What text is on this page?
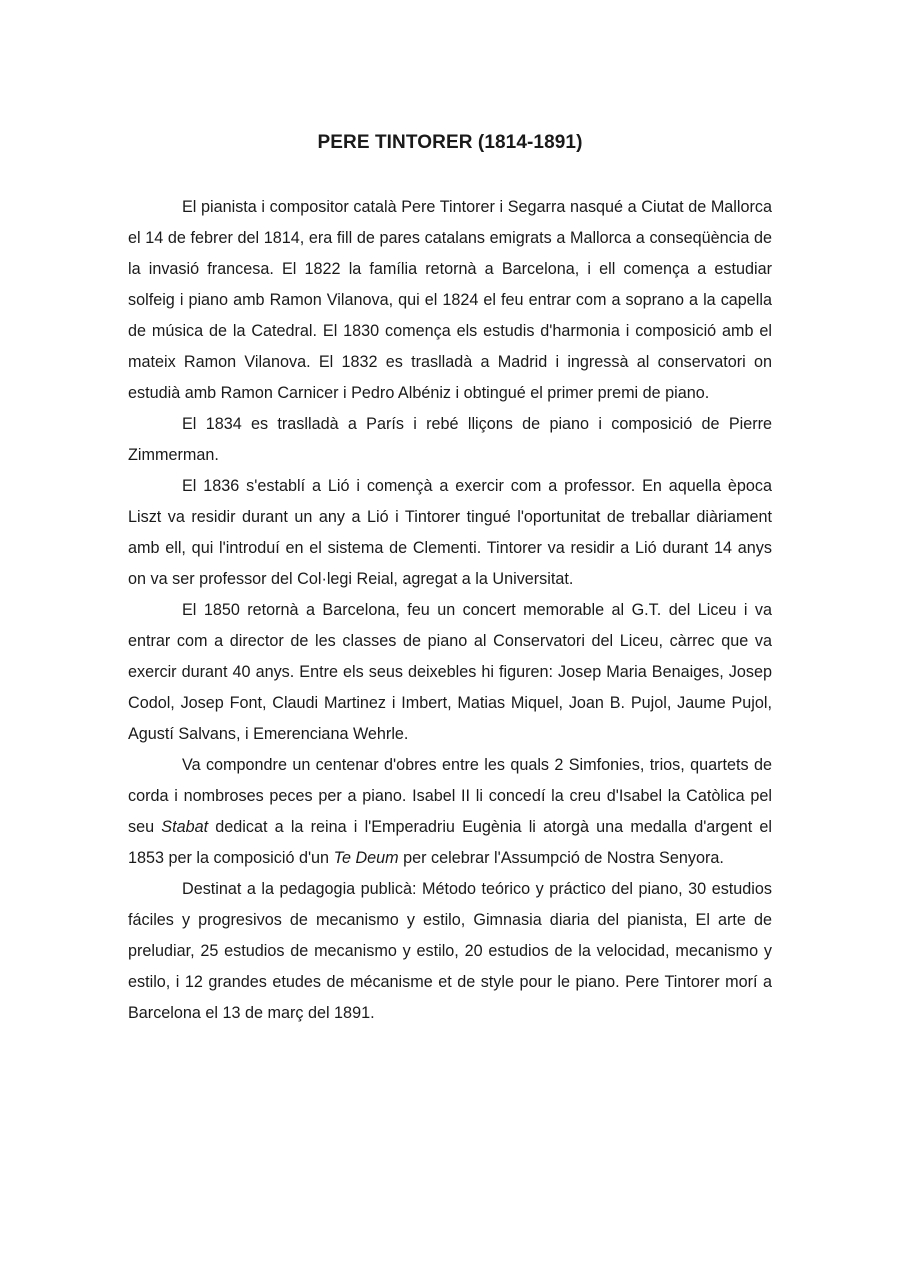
PERE TINTORER (1814-1891)

El pianista i compositor català Pere Tintorer i Segarra nasqué a Ciutat de Mallorca el 14 de febrer del 1814, era fill de pares catalans emigrats a Mallorca a conseqüència de la invasió francesa. El 1822 la família retornà a Barcelona, i ell començа a estudiar solfeig i piano amb Ramon Vilanova, qui el 1824 el feu entrar com a soprano a la capella de música de la Catedral. El 1830 començа els estudis d'harmonia i composició amb el mateix Ramon Vilanova. El 1832 es traslladà a Madrid i ingressà al conservatori on estudià amb Ramon Carnicer i Pedro Albéniz i obtingué el primer premi de piano.

El 1834 es traslladà a París i rebé lliçons de piano i composició de Pierre Zimmerman.

El 1836 s'establí a Lió i començà a exercir com a professor. En aquella època Liszt va residir durant un any a Lió i Tintorer tingué l'oportunitat de treballar diàriament amb ell, qui l'introduí en el sistema de Clementi. Tintorer va residir a Lió durant 14 anys on va ser professor del Col·legi Reial, agregat a la Universitat.

El 1850 retornà a Barcelona, feu un concert memorable al G.T. del Liceu i va entrar com a director de les classes de piano al Conservatori del Liceu, càrrec que va exercir durant 40 anys. Entre els seus deixebles hi figuren: Josep Maria Benaiges, Josep Codol, Josep Font, Claudi Martinez i Imbert, Matias Miquel, Joan B. Pujol, Jaume Pujol, Agustí Salvans, i Emerenciana Wehrle.

Va compondre un centenar d'obres entre les quals 2 Simfonies, trios, quartets de corda i nombroses peces per a piano. Isabel II li concedí la creu d'Isabel la Catòlica pel seu Stabat dedicat a la reina i l'Emperadriu Eugènia li atorgà una medalla d'argent el 1853 per la composició d'un Te Deum per celebrar l'Assumpció de Nostra Senyora.

Destinat a la pedagogia publicà: Método teórico y práctico del piano, 30 estudios fáciles y progresivos de mecanismo y estilo, Gimnasia diaria del pianista, El arte de preludiar, 25 estudios de mecanismo y estilo, 20 estudios de la velocidad, mecanismo y estilo, i 12 grandes etudes de mécanisme et de style pour le piano. Pere Tintorer morí a Barcelona el 13 de març del 1891.
